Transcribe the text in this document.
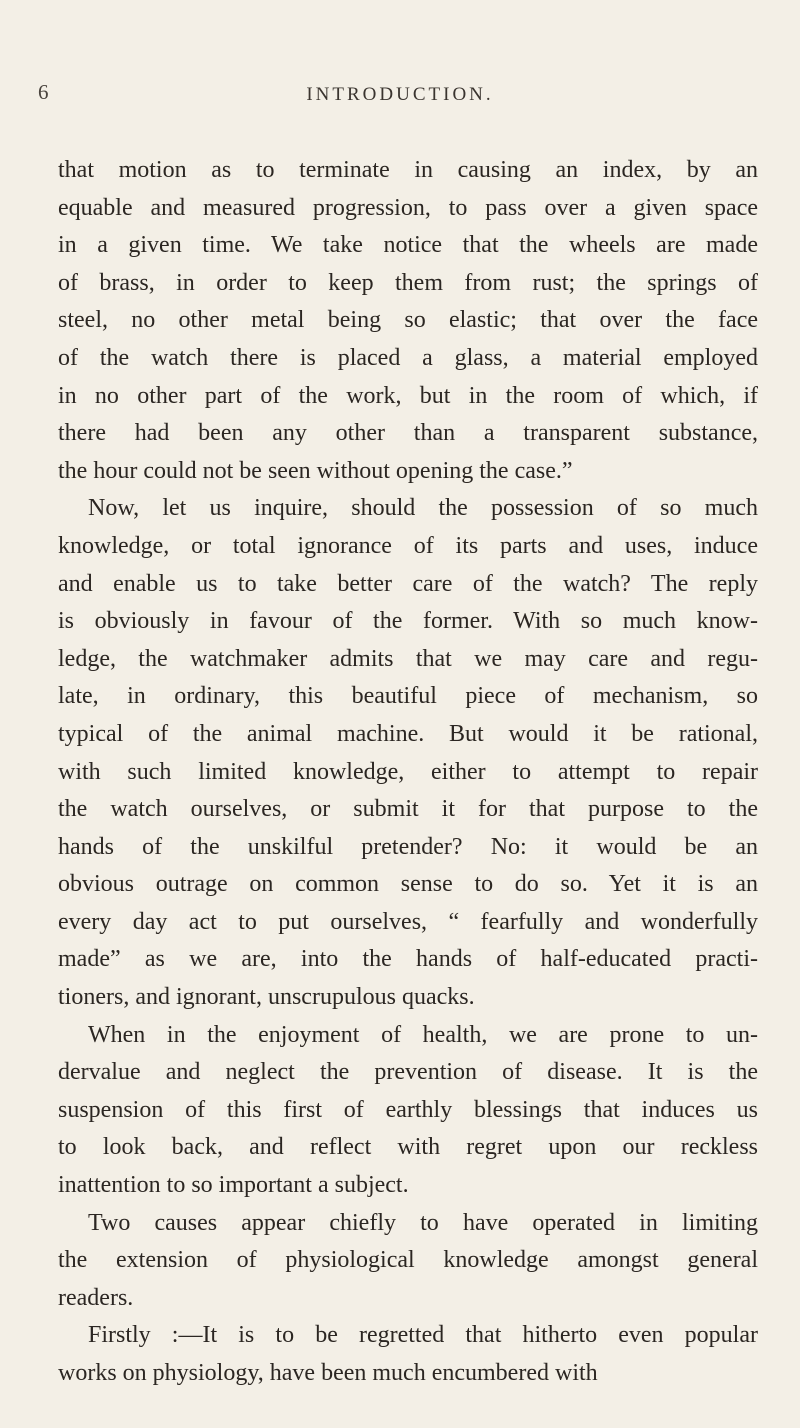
6	INTRODUCTION.
that motion as to terminate in causing an index, by an
equable and measured progression, to pass over a given space
in a given time. We take notice that the wheels are made
of brass, in order to keep them from rust; the springs of
steel, no other metal being so elastic; that over the face
of the watch there is placed a glass, a material employed
in no other part of the work, but in the room of which, if
there had been any other than a transparent substance,
the hour could not be seen without opening the case.”
Now, let us inquire, should the possession of so much
knowledge, or total ignorance of its parts and uses, induce
and enable us to take better care of the watch? The reply
is obviously in favour of the former. With so much know-
ledge, the watchmaker admits that we may care and regu-
late, in ordinary, this beautiful piece of mechanism, so
typical of the animal machine. But would it be rational,
with such limited knowledge, either to attempt to repair
the watch ourselves, or submit it for that purpose to the
hands of the unskilful pretender? No: it would be an
obvious outrage on common sense to do so. Yet it is an
every day act to put ourselves, “ fearfully and wonderfully
made” as we are, into the hands of half-educated practi-
tioners, and ignorant, unscrupulous quacks.
When in the enjoyment of health, we are prone to un-
dervalue and neglect the prevention of disease. It is the
suspension of this first of earthly blessings that induces us
to look back, and reflect with regret upon our reckless
inattention to so important a subject.
Two causes appear chiefly to have operated in limiting
the extension of physiological knowledge amongst general
readers.
Firstly :—It is to be regretted that hitherto even popular
works on physiology, have been much encumbered with
